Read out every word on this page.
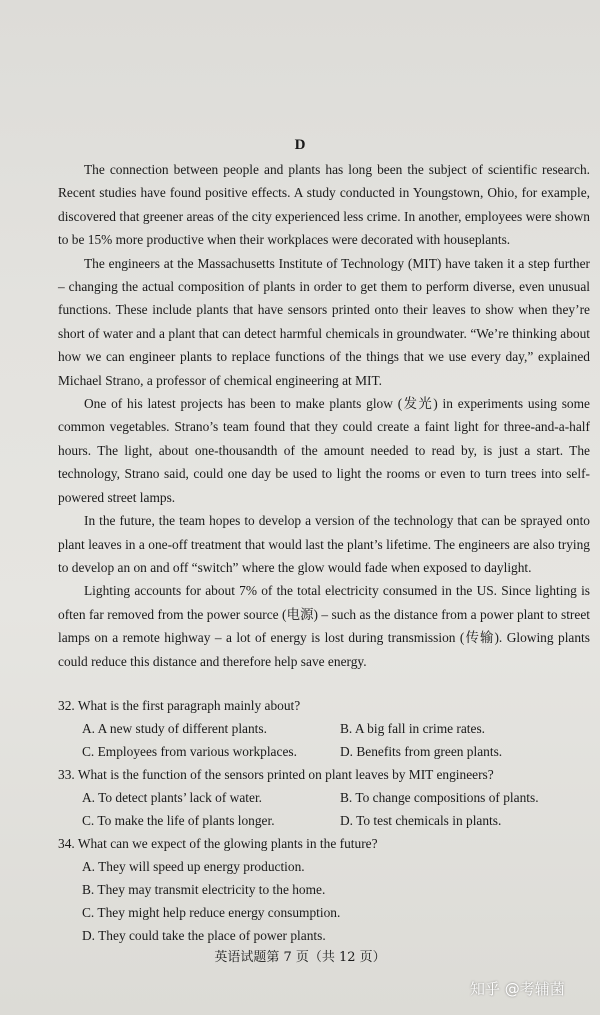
D

The connection between people and plants has long been the subject of scientific research. Recent studies have found positive effects. A study conducted in Youngstown, Ohio, for example, discovered that greener areas of the city experienced less crime. In another, employees were shown to be 15% more productive when their workplaces were decorated with houseplants.

The engineers at the Massachusetts Institute of Technology (MIT) have taken it a step further – changing the actual composition of plants in order to get them to perform diverse, even unusual functions. These include plants that have sensors printed onto their leaves to show when they’re short of water and a plant that can detect harmful chemicals in groundwater. “We’re thinking about how we can engineer plants to replace functions of the things that we use every day,” explained Michael Strano, a professor of chemical engineering at MIT.

One of his latest projects has been to make plants glow (发光) in experiments using some common vegetables. Strano’s team found that they could create a faint light for three-and-a-half hours. The light, about one-thousandth of the amount needed to read by, is just a start. The technology, Strano said, could one day be used to light the rooms or even to turn trees into self-powered street lamps.

In the future, the team hopes to develop a version of the technology that can be sprayed onto plant leaves in a one-off treatment that would last the plant’s lifetime. The engineers are also trying to develop an on and off “switch” where the glow would fade when exposed to daylight.

Lighting accounts for about 7% of the total electricity consumed in the US. Since lighting is often far removed from the power source (电源) – such as the distance from a power plant to street lamps on a remote highway – a lot of energy is lost during transmission (传输). Glowing plants could reduce this distance and therefore help save energy.

32. What is the first paragraph mainly about?

A. A new study of different plants.	B. A big fall in crime rates.
C. Employees from various workplaces.	D. Benefits from green plants.

33. What is the function of the sensors printed on plant leaves by MIT engineers?

A. To detect plants’ lack of water.	B. To change compositions of plants.
C. To make the life of plants longer.	D. To test chemicals in plants.

34. What can we expect of the glowing plants in the future?

A. They will speed up energy production.
B. They may transmit electricity to the home.
C. They might help reduce energy consumption.
D. They could take the place of power plants.
英语试题第 7 页（共 12 页）
知乎 @考辅菌
